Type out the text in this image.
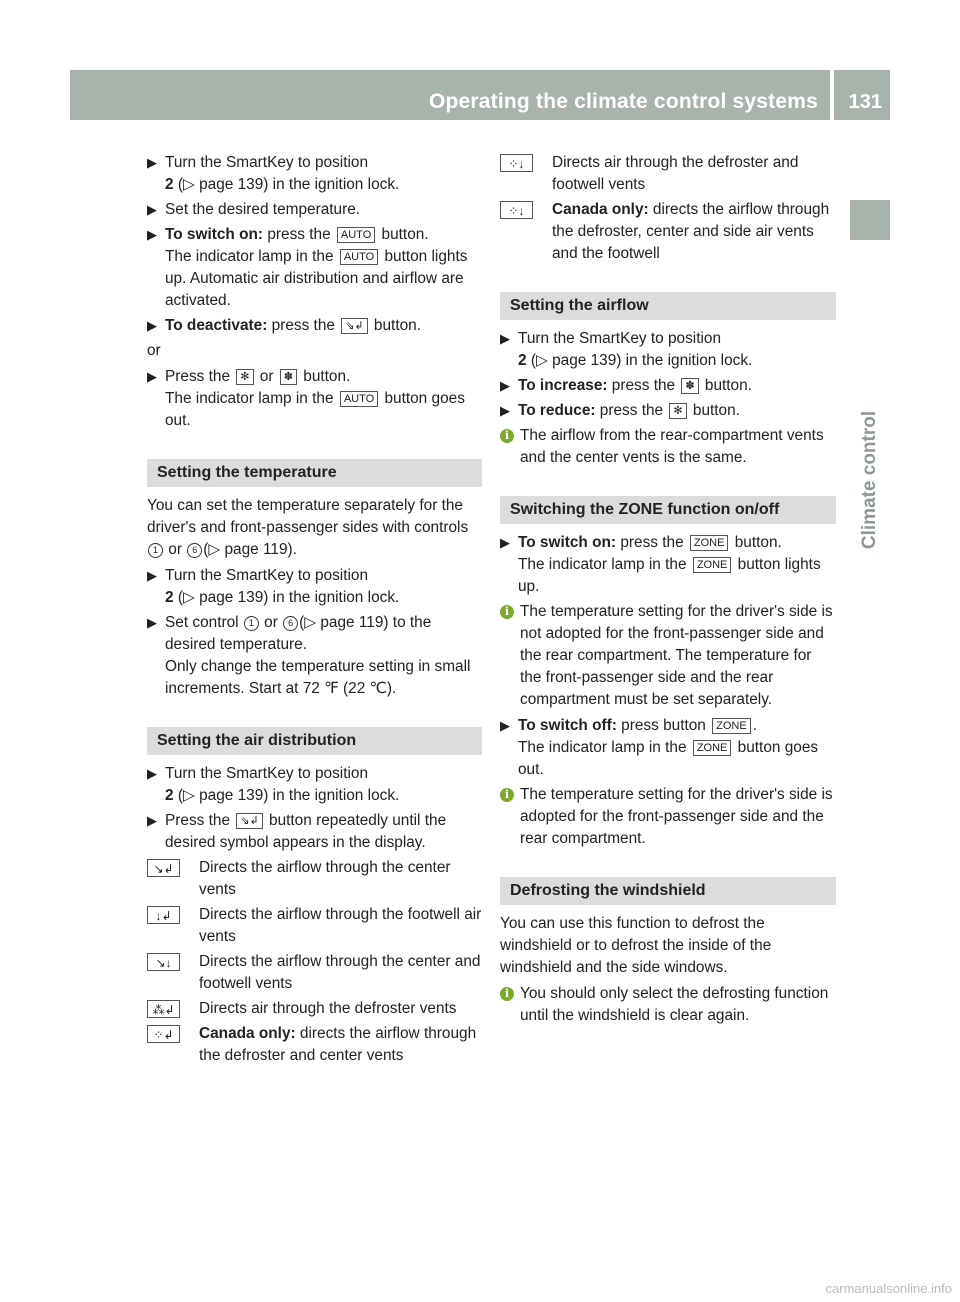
Operating the climate control systems 131
Climate control

▶ Turn the SmartKey to position
2 (▷ page 139) in the ignition lock.

▶ Set the desired temperature.

▶ To switch on: press the AUTO button.
The indicator lamp in the AUTO button lights up. Automatic air distribution and airflow are activated.

▶ To deactivate: press the ⇘↲ button.

or

▶ Press the ✻ or ✽ button.
The indicator lamp in the AUTO button goes out.

Setting the temperature

You can set the temperature separately for the driver's and front-passenger sides with controls 1 or 6 (▷ page 119).

▶ Turn the SmartKey to position
2 (▷ page 139) in the ignition lock.

▶ Set control 1 or 6 (▷ page 119) to the desired temperature.
Only change the temperature setting in small increments. Start at 72 ℉ (22 ℃).

Setting the air distribution

▶ Turn the SmartKey to position
2 (▷ page 139) in the ignition lock.

▶ Press the ⇘↲ button repeatedly until the desired symbol appears in the display.

↘↲	Directs the airflow through the center vents

↓↲	Directs the airflow through the footwell air vents

↘↓	Directs the airflow through the center and footwell vents

⁂↲	Directs air through the defroster vents

⁘↲	Canada only: directs the airflow through the defroster and center vents

⁘↓	Directs air through the defroster and footwell vents

⁘↓	Canada only: directs the airflow through the defroster, center and side air vents and the footwell

Setting the airflow

▶ Turn the SmartKey to position
2 (▷ page 139) in the ignition lock.

▶ To increase: press the ✽ button.

▶ To reduce: press the ✻ button.

i The airflow from the rear-compartment vents and the center vents is the same.

Switching the ZONE function on/off

▶ To switch on: press the ZONE button.
The indicator lamp in the ZONE button lights up.

i The temperature setting for the driver's side is not adopted for the front-passenger side and the rear compartment. The temperature for the front-passenger side and the rear compartment must be set separately.

▶ To switch off: press button ZONE .
The indicator lamp in the ZONE button goes out.

i The temperature setting for the driver's side is adopted for the front-passenger side and the rear compartment.

Defrosting the windshield

You can use this function to defrost the windshield or to defrost the inside of the windshield and the side windows.

i You should only select the defrosting function until the windshield is clear again.

carmanualsonline.info
